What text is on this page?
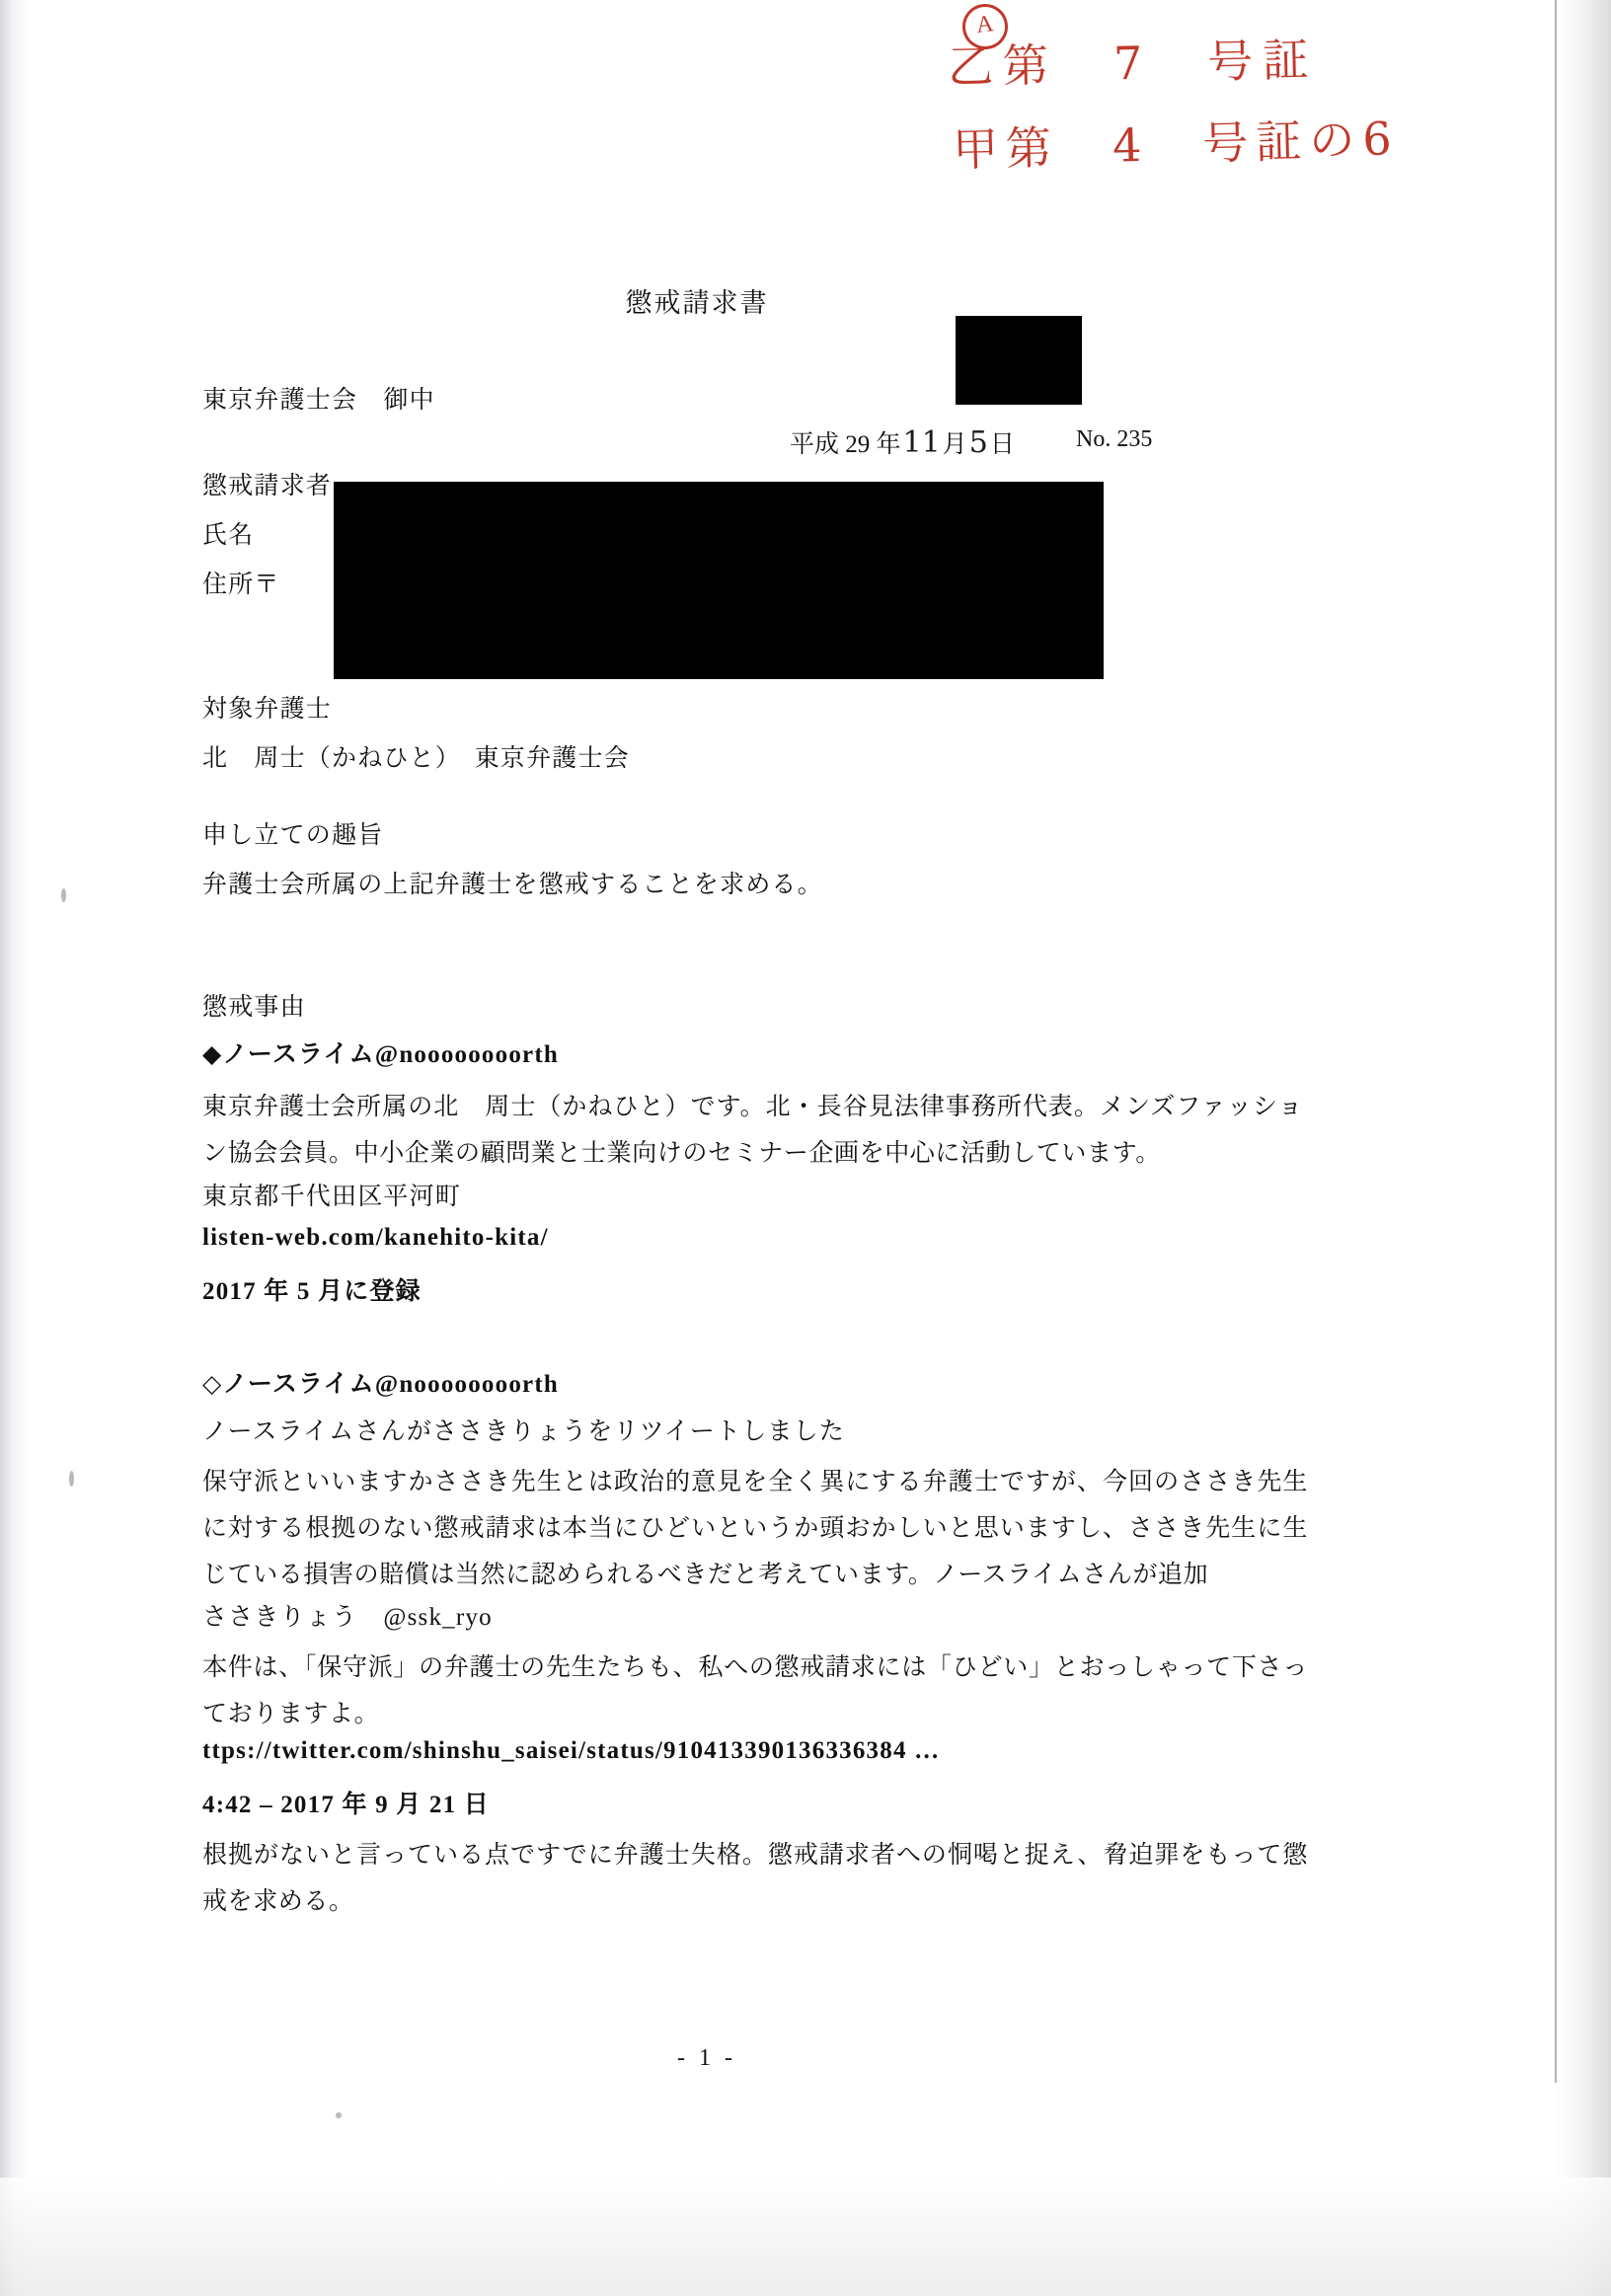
A
乙第　7　号証
甲第　4　号証の6
懲戒請求書
東京弁護士会　御中
平成 29 年11月5日	No. 235
懲戒請求者
氏名
住所〒
対象弁護士
北　周士（かねひと）　東京弁護士会
申し立ての趣旨
弁護士会所属の上記弁護士を懲戒することを求める。
懲戒事由
◆ノースライム@noooooooorth
東京弁護士会所属の北　周士（かねひと）です。北・長谷見法律事務所代表。メンズファッション協会会員。中小企業の顧問業と士業向けのセミナー企画を中心に活動しています。
東京都千代田区平河町
listen-web.com/kanehito-kita/
2017 年 5 月に登録
◇ノースライム@noooooooorth
ノースライムさんがささきりょうをリツイートしました
保守派といいますかささき先生とは政治的意見を全く異にする弁護士ですが、今回のささき先生に対する根拠のない懲戒請求は本当にひどいというか頭おかしいと思いますし、ささき先生に生じている損害の賠償は当然に認められるべきだと考えています。ノースライムさんが追加
ささきりょう　@ssk_ryo
本件は、「保守派」の弁護士の先生たちも、私への懲戒請求には「ひどい」とおっしゃって下さっておりますよ。
ttps://twitter.com/shinshu_saisei/status/910413390136336384 …
4:42 – 2017 年 9 月 21 日
根拠がないと言っている点ですでに弁護士失格。懲戒請求者への恫喝と捉え、脅迫罪をもって懲戒を求める。
- 1 -
